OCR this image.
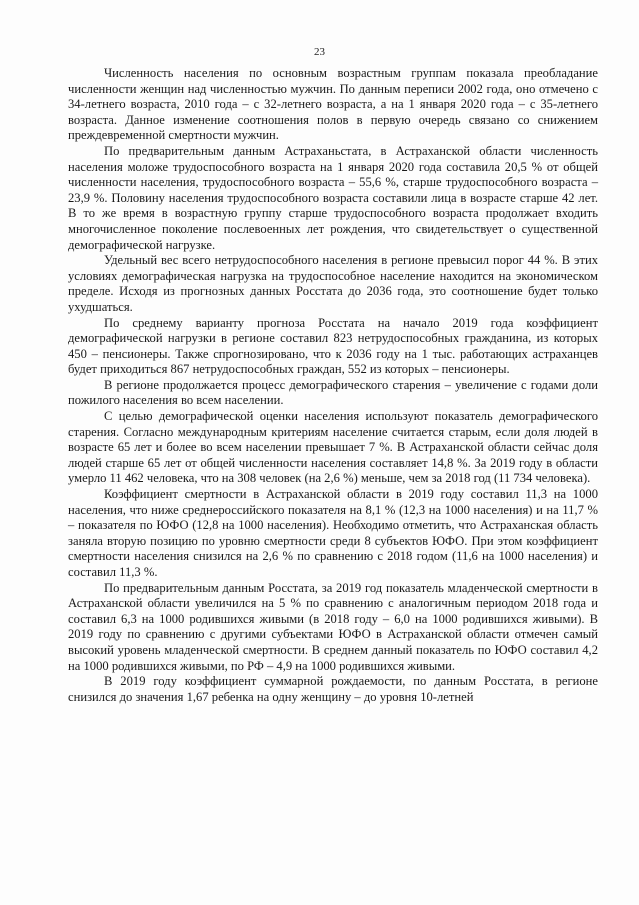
23

Численность населения по основным возрастным группам показала преобладание численности женщин над численностью мужчин. По данным переписи 2002 года, оно отмечено с 34-летнего возраста, 2010 года – с 32-летнего возраста, а на 1 января 2020 года – с 35-летнего возраста. Данное изменение соотношения полов в первую очередь связано со снижением преждевременной смертности мужчин.

По предварительным данным Астраханьстата, в Астраханской области численность населения моложе трудоспособного возраста на 1 января 2020 года составила 20,5 % от общей численности населения, трудоспособного возраста – 55,6 %, старше трудоспособного возраста – 23,9 %. Половину населения трудоспособного возраста составили лица в возрасте старше 42 лет. В то же время в возрастную группу старше трудоспособного возраста продолжает входить многочисленное поколение послевоенных лет рождения, что свидетельствует о существенной демографической нагрузке.

Удельный вес всего нетрудоспособного населения в регионе превысил порог 44 %. В этих условиях демографическая нагрузка на трудоспособное население находится на экономическом пределе. Исходя из прогнозных данных Росстата до 2036 года, это соотношение будет только ухудшаться.

По среднему варианту прогноза Росстата на начало 2019 года коэффициент демографической нагрузки в регионе составил 823 нетрудоспособных гражданина, из которых 450 – пенсионеры. Также спрогнозировано, что к 2036 году на 1 тыс. работающих астраханцев будет приходиться 867 нетрудоспособных граждан, 552 из которых – пенсионеры.

В регионе продолжается процесс демографического старения – увеличение с годами доли пожилого населения во всем населении.

С целью демографической оценки населения используют показатель демографического старения. Согласно международным критериям население считается старым, если доля людей в возрасте 65 лет и более во всем населении превышает 7 %. В Астраханской области сейчас доля людей старше 65 лет от общей численности населения составляет 14,8 %. За 2019 году в области умерло 11 462 человека, что на 308 человек (на 2,6 %) меньше, чем за 2018 год (11 734 человека).

Коэффициент смертности в Астраханской области в 2019 году составил 11,3 на 1000 населения, что ниже среднероссийского показателя на 8,1 % (12,3 на 1000 населения) и на 11,7 % – показателя по ЮФО (12,8 на 1000 населения). Необходимо отметить, что Астраханская область заняла вторую позицию по уровню смертности среди 8 субъектов ЮФО. При этом коэффициент смертности населения снизился на 2,6 % по сравнению с 2018 годом (11,6 на 1000 населения) и составил 11,3 %.

По предварительным данным Росстата, за 2019 год показатель младенческой смертности в Астраханской области увеличился на 5 % по сравнению с аналогичным периодом 2018 года и составил 6,3 на 1000 родившихся живыми (в 2018 году – 6,0 на 1000 родившихся живыми). В 2019 году по сравнению с другими субъектами ЮФО в Астраханской области отмечен самый высокий уровень младенческой смертности. В среднем данный показатель по ЮФО составил 4,2 на 1000 родившихся живыми, по РФ – 4,9 на 1000 родившихся живыми.

В 2019 году коэффициент суммарной рождаемости, по данным Росстата, в регионе снизился до значения 1,67 ребенка на одну женщину – до уровня 10-летней
